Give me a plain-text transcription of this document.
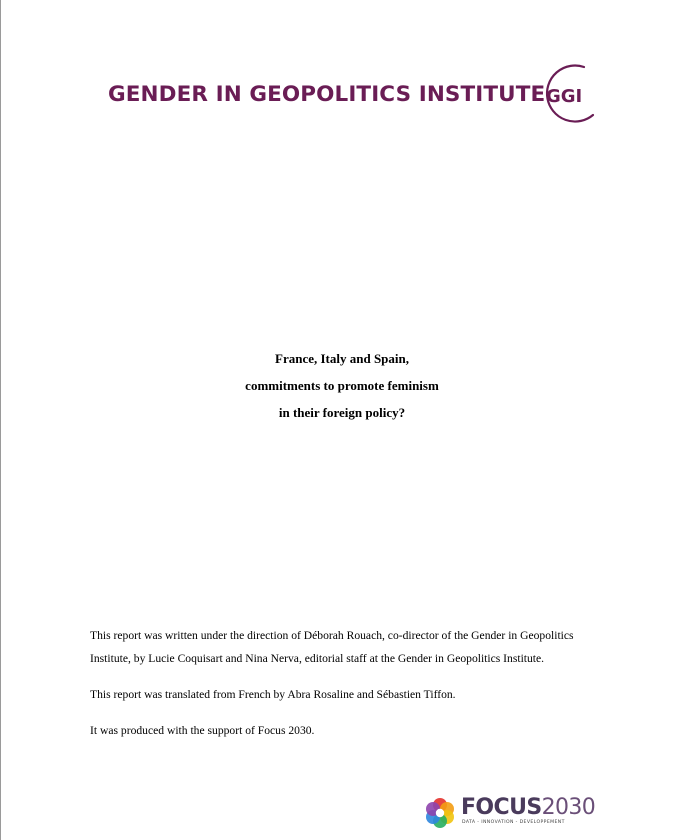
GENDER IN GEOPOLITICS INSTITUTE GGI
France, Italy and Spain,
commitments to promote feminism
in their foreign policy?

This report was written under the direction of Déborah Rouach, co-director of the Gender in Geopolitics Institute, by Lucie Coquisart and Nina Nerva, editorial staff at the Gender in Geopolitics Institute.

This report was translated from French by Abra Rosaline and Sébastien Tiffon.

It was produced with the support of Focus 2030.

FOCUS2030
DATA - INNOVATION - DEVELOPPEMENT
